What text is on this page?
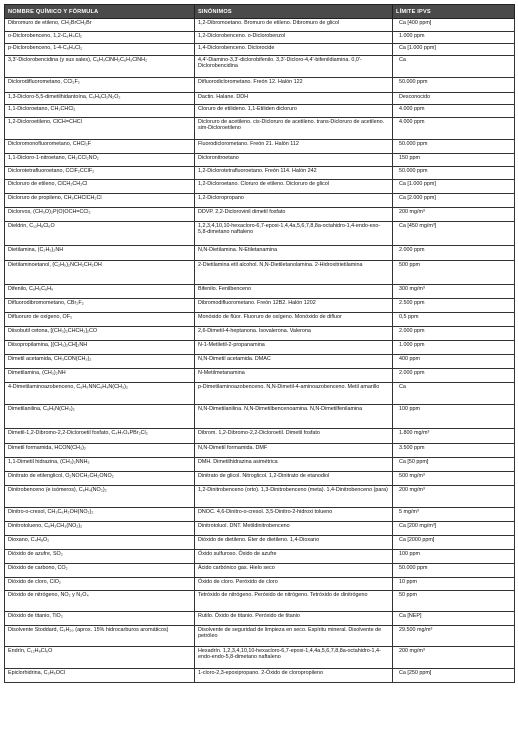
NOMBRE QUÍMICO Y FÓRMULA	SINÓNIMOS	LÍMITE IPVS
Dibromuro de etileno, CH₂BrCH₂Br	1,2-Dibromoetano. Bromuro de etileno. Dibromuro de glicol	Ca [400 ppm]
o-Diclorobenceno, 1,2-C₆H₄Cl₂	1,2-Diclorobenceno. o-Diclorobenzol	1.000 ppm
p-Diclorobenceno, 1-4-C₆H₄Cl₂	1,4-Diclorobenceno. Diclorocide	Ca [1.000 ppm]
3,3'-Diclorobencidina (y sus sales), C₆H₃ClNH₂C₆H₃ClNH₂	4,4'-Diamino-3,3'-diclorobifenilo. 3,3'-Dicloro-4,4'-bifenildiamina. 0,0'-Diclorobencidina	Ca
Diclorodifluorometano, CCl₂F₂	Difluorodiclorometano. Freón 12. Halón 122	50.000 ppm
1,3-Dicloro-5,5-dimetilhidantoína, C₅H₆Cl₂N₂O₂	Dactin. Halane. DDH	Desconocido
1,1-Dicloroetano, CH₃CHCl₂	Cloruro de etilideno. 1,1-Etiliden dicloruro	4.000 ppm
1,2-Dicloroetileno, ClCH=CHCl	Dicloruro de acetileno. cis-Dicloruro de acetileno. trans-Dicloruro de acetileno. sim-Dicloroetileno	4.000 ppm
Dicloromonofluorometano, CHCl₂F	Fluorodiclorometano. Freón 21. Halón 112	50.000 ppm
1,1-Dicloro-1-nitroetano, CH₃CCl₂NO₂	Dicloronitroetano	150 ppm
Diclorotetrafluoroetano, CClF₂CClF₂	1,2-Diclorotetrafluoroetano. Freón 114. Halón 242	50.000 ppm
Dicloruro de etileno, ClCH₂CH₂Cl	1,2-Dicloroetano. Cloruro de etileno. Dicloruro de glicol	Ca [1.000 ppm]
Dicloruro de propileno, CH₃CHClCH₂Cl	1,2-Dicloropropano	Ca [2.000 ppm]
Diclorvos, (CH₃O)₂P(O)OCH=CCl₂	DDVP. 2,2-Diclorovinil dimetil fosfato	200 mg/m³
Dieldrin, C₁₂H₈Cl₆O	1,2,3,4,10,10-hexacloro-6,7-epoxi-1,4,4a,5,6,7,8,8a-octahidro-1,4-endo-exo-5,8-dimetano naftaleno	Ca [450 mg/m³]
Dietilamina, (C₂H₅)₂NH	N,N-Dietilamina. N-Etiletanamina	2.000 ppm
Dietilaminoetanol, (C₂H₅)₂NCH₂CH₂OH	2-Dietilamina etil alcohol. N,N-Dietiletanolamina. 2-Hidroxitrietilamina	500 ppm
Difenilo, C₆H₅C₆H₅	Bifenilo. Fenilbenceno	300 mg/m³
Difluorodibromometano, CBr₂F₂	Dibromodifluorometano. Freón 12B2. Halón 1202	2.500 ppm
Difluoruro de oxígeno, OF₂	Monóxido de flúor. Fluoruro de oxígeno. Monóxido de difluor	0,5 ppm
Diisobutil cetona, [(CH₃)₂CHCH₂]₂CO	2,6-Dimetil-4-heptanona. Isovalerona. Valerona	2.000 ppm
Diisopropilamina, [(CH₃)₂CH]₂NH	N-1-Metiletil-2-propanamina	1.000 ppm
Dimetil acetamida, CH₃CON(CH₃)₂	N,N-Dimetil acetamida. DMAC	400 ppm
Dimetilamina, (CH₃)₂NH	N-Metilmetanamina	2.000 ppm
4-Dimetilaminoazobenceno, C₆H₅NNC₆H₄N(CH₃)₂	p-Dimetilaminoazobenceno. N,N-Dimetil-4-aminoazobenceno. Metil amarillo	Ca
Dimetilanilina, C₆H₅N(CH₃)₂	N,N-Dimetilanilina. N,N-Dimetilbencenoamina. N,N-Dimetilfenilamina	100 ppm
Dimetil-1,2-Dibromo-2,2-Dicloroetil fosfato, C₄H₇O₄PBr₂Cl₂	Dibrom. 1,2-Dibromo-2,2-Dicloroetil. Dimetil fosfato	1.800 mg/m³
Dimetil formamida, HCON(CH₃)₂	N,N-Dimetil formamida. DMF	3.500 ppm
1,1-Dimetil hidrazina, (CH₃)₂NNH₂	DMH. Dimetilhidrazina asimétrica	Ca [50 ppm]
Dinitrato de etilenglicol, O₂NOCH₂CH₂ONO₂	Dinitrato de glicol. Nitroglicol. 1,2-Dinitrato de etanodiol	500 mg/m³
Dinitrobenceno (e isómeros), C₆H₄(NO₂)₂	1,2-Dinitrobenceno (orto). 1,3-Dinitrobenceno (meta). 1,4-Dinitrobenceno (para)	200 mg/m³
Dinitro-o-cresol, CH₃C₆H₂OH(NO₂)₂	DNOC. 4,6-Dinitro-o-cresol. 3,5-Dinitro-2-hidroxi tolueno	5 mg/m³
Dinitrotolueno, C₆H₃CH₃(NO₂)₂	Dinitrotoluol. DNT. Metildinitrobenceno	Ca [200 mg/m³]
Dioxano, C₄H₈O₂	Dióxido de dietileno. Éter de dietileno. 1,4-Dioxano	Ca [2000 ppm]
Dióxido de azufre, SO₂	Óxido sulfuroso. Óxido de azufre	100 ppm
Dióxido de carbono, CO₂	Ácido carbónico gas. Hielo seco	50.000 ppm
Dióxido de cloro, ClO₂	Óxido de cloro. Peróxido de cloro	10 ppm
Dióxido de nitrógeno, NO₂ y N₂O₄	Tetróxido de nitrógeno. Peróxido de nitrógeno. Tetróxido de dinitrógeno	50 ppm
Dióxido de titanio, TiO₂	Rutilo. Óxido de titanio. Peróxido de titanio	Ca [NEP]
Disolvente Stoddard, C₉H₂₀ (aprox. 15% hidrocarburos aromáticos)	Disolvente de seguridad de limpieza en seco. Espíritu mineral. Disolvente de petróleo	29.500 mg/m³
Endrín, C₁₂H₈Cl₆O	Hexadrín. 1,2,3,4,10,10-hexacloro-6,7-epoxi-1,4,4a,5,6,7,8,8a-octahidro-1,4-endo-endo-5,8-dimetano naftaleno	200 mg/m³
Epiclorhidrina, C₃H₅OCl	1-cloro-2,3-epoxipropano. 2-Óxido de cloropropileno	Ca [250 ppm]
